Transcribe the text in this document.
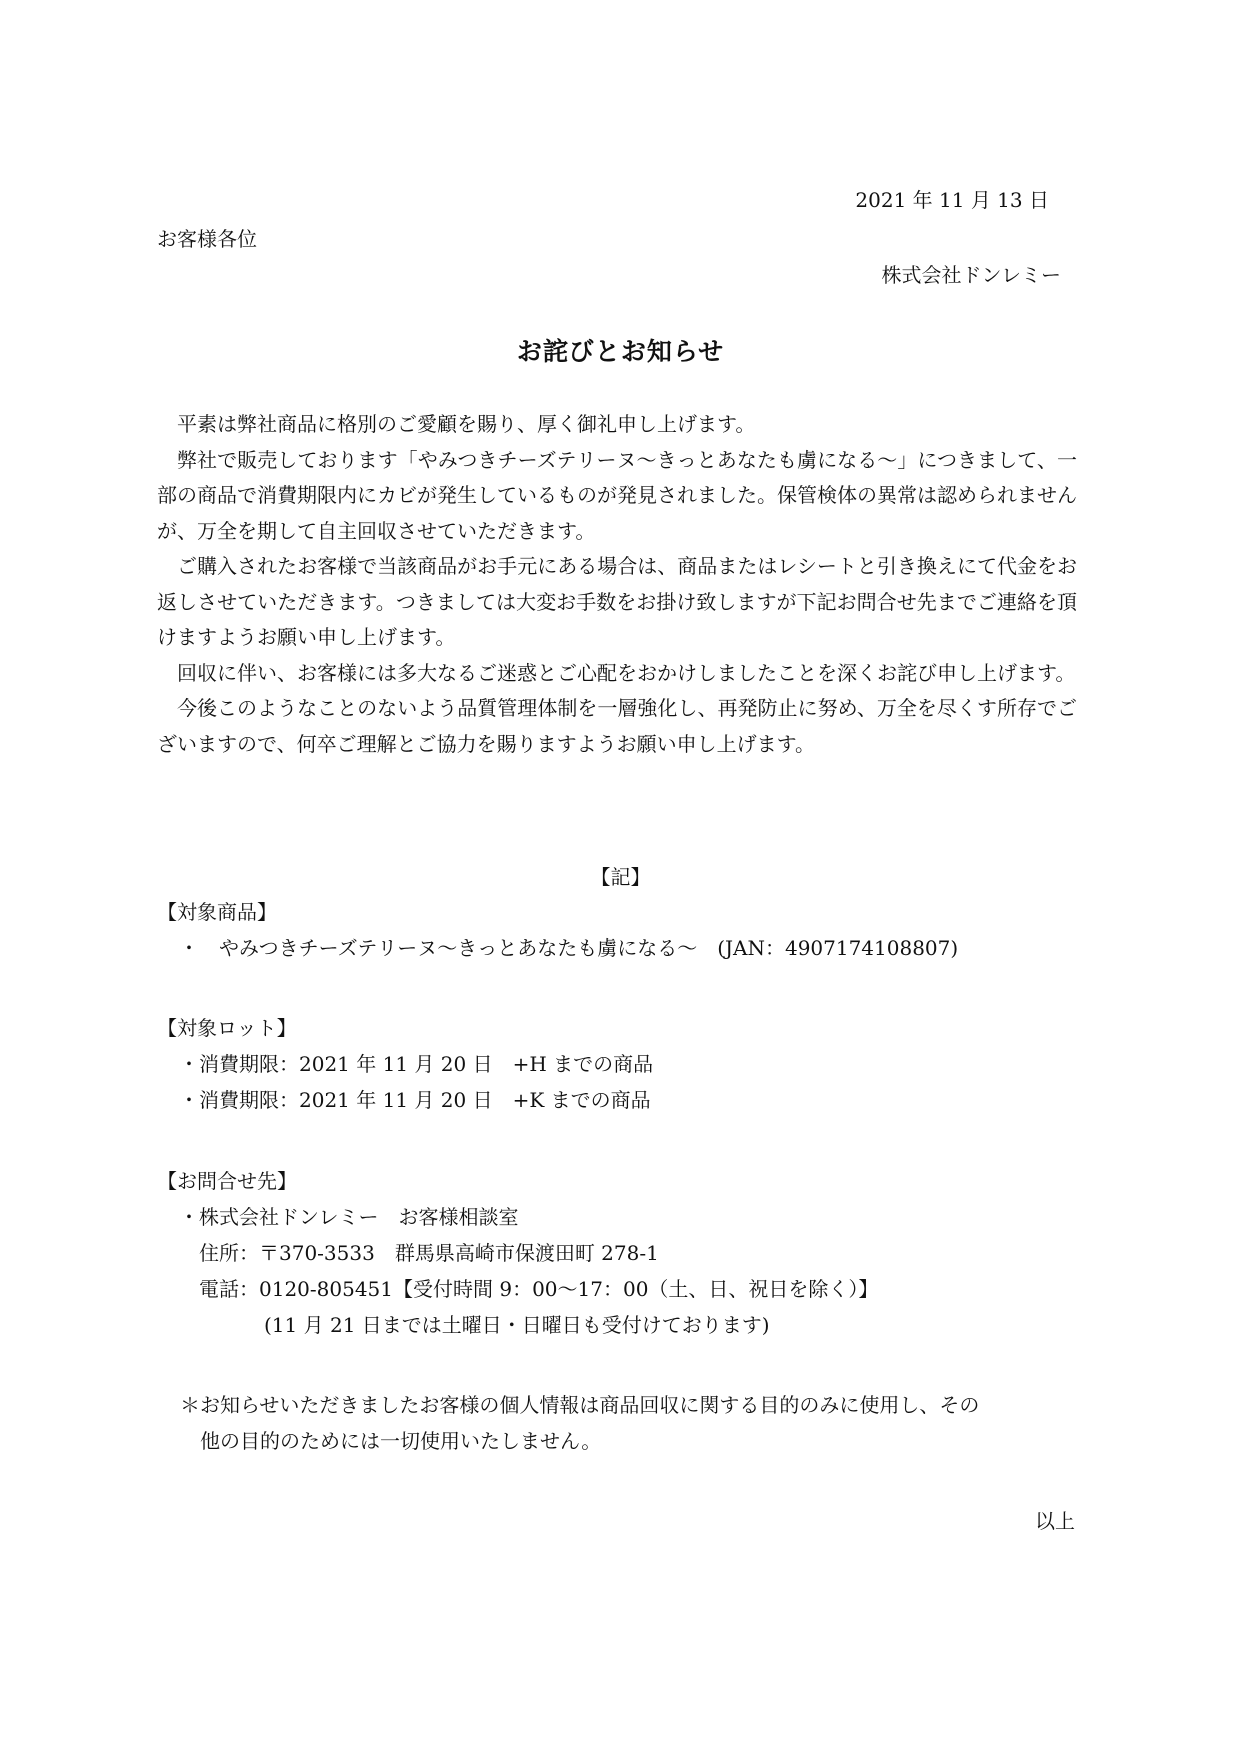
2021 年 11 月 13 日
お客様各位
株式会社ドンレミー
お詫びとお知らせ

平素は弊社商品に格別のご愛顧を賜り、厚く御礼申し上げます。

弊社で販売しております「やみつきチーズテリーヌ～きっとあなたも虜になる～」につきまして、一部の商品で消費期限内にカビが発生しているものが発見されました。保管検体の異常は認められませんが、万全を期して自主回収させていただきます。

ご購入されたお客様で当該商品がお手元にある場合は、商品またはレシートと引き換えにて代金をお返しさせていただきます。つきましては大変お手数をお掛け致しますが下記お問合せ先までご連絡を頂けますようお願い申し上げます。

回収に伴い、お客様には多大なるご迷惑とご心配をおかけしましたことを深くお詫び申し上げます。

今後このようなことのないよう品質管理体制を一層強化し、再発防止に努め、万全を尽くす所存でございますので、何卒ご理解とご協力を賜りますようお願い申し上げます。

【記】
【対象商品】
・　やみつきチーズテリーヌ～きっとあなたも虜になる～　(JAN：4907174108807)
【対象ロット】
・消費期限：2021 年 11 月 20 日　+H までの商品
・消費期限：2021 年 11 月 20 日　+K までの商品
【お問合せ先】
・株式会社ドンレミー　お客様相談室
住所：〒370-3533　群馬県高崎市保渡田町 278-1
電話：0120-805451【受付時間 9：00～17：00（土、日、祝日を除く）】
(11 月 21 日までは土曜日・日曜日も受付けております)
＊お知らせいただきましたお客様の個人情報は商品回収に関する目的のみに使用し、その
他の目的のためには一切使用いたしません。
以上
